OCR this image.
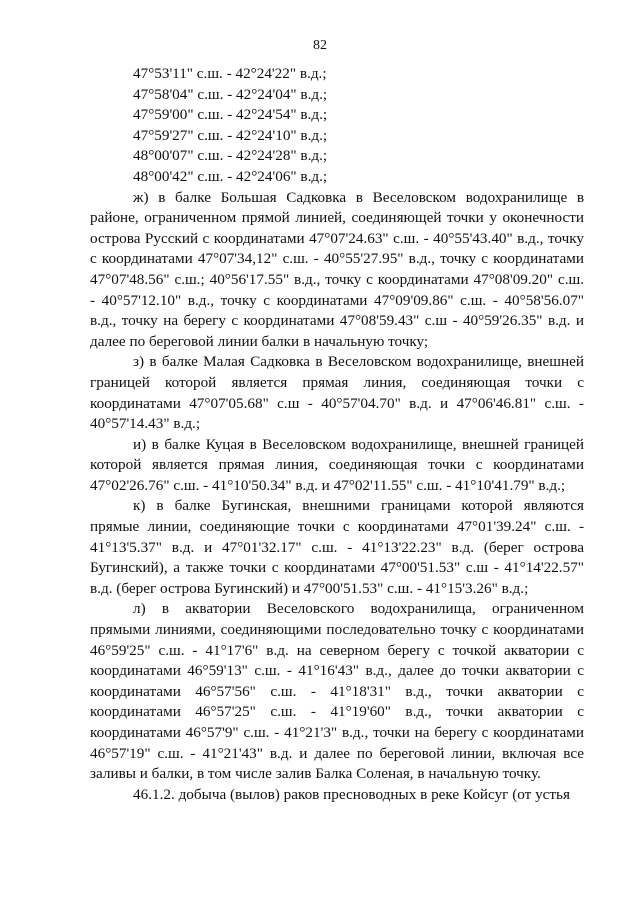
82

47°53'11" с.ш. - 42°24'22" в.д.;

47°58'04" с.ш. - 42°24'04" в.д.;

47°59'00" с.ш. - 42°24'54" в.д.;

47°59'27" с.ш. - 42°24'10" в.д.;

48°00'07" с.ш. - 42°24'28" в.д.;

48°00'42" с.ш. - 42°24'06" в.д.;

ж) в балке Большая Садковка в Веселовском водохранилище в районе, ограниченном прямой линией, соединяющей точки у оконечности острова Русский с координатами 47°07'24.63" с.ш. - 40°55'43.40" в.д., точку с координатами 47°07'34,12" с.ш. - 40°55'27.95" в.д., точку с координатами 47°07'48.56" с.ш.; 40°56'17.55" в.д., точку с координатами 47°08'09.20" с.ш. - 40°57'12.10" в.д., точку с координатами 47°09'09.86" с.ш. - 40°58'56.07" в.д., точку на берегу с координатами 47°08'59.43" с.ш - 40°59'26.35" в.д. и далее по береговой линии балки в начальную точку;

з) в балке Малая Садковка в Веселовском водохранилище, внешней границей которой является прямая линия, соединяющая точки с координатами 47°07'05.68" с.ш - 40°57'04.70" в.д. и 47°06'46.81" с.ш. - 40°57'14.43" в.д.;

и) в балке Куцая в Веселовском водохранилище, внешней границей которой является прямая линия, соединяющая точки с координатами 47°02'26.76" с.ш. - 41°10'50.34" в.д. и 47°02'11.55" с.ш. - 41°10'41.79" в.д.;

к) в балке Бугинская, внешними границами которой являются прямые линии, соединяющие точки с координатами 47°01'39.24" с.ш. - 41°13'5.37" в.д. и 47°01'32.17" с.ш. - 41°13'22.23" в.д. (берег острова Бугинский), а также точки с координатами 47°00'51.53" с.ш - 41°14'22.57" в.д. (берег острова Бугинский) и 47°00'51.53" с.ш. - 41°15'3.26" в.д.;

л) в акватории Веселовского водохранилища, ограниченном прямыми линиями, соединяющими последовательно точку с координатами 46°59'25" с.ш. - 41°17'6" в.д. на северном берегу с точкой акватории с координатами 46°59'13" с.ш. - 41°16'43" в.д., далее до точки акватории с координатами 46°57'56" с.ш. - 41°18'31" в.д., точки акватории с координатами 46°57'25" с.ш. - 41°19'60" в.д., точки акватории с координатами 46°57'9" с.ш. - 41°21'3" в.д., точки на берегу с координатами 46°57'19" с.ш. - 41°21'43" в.д. и далее по береговой линии, включая все заливы и балки, в том числе залив Балка Соленая, в начальную точку.

46.1.2. добыча (вылов) раков пресноводных в реке Койсуг (от устья
